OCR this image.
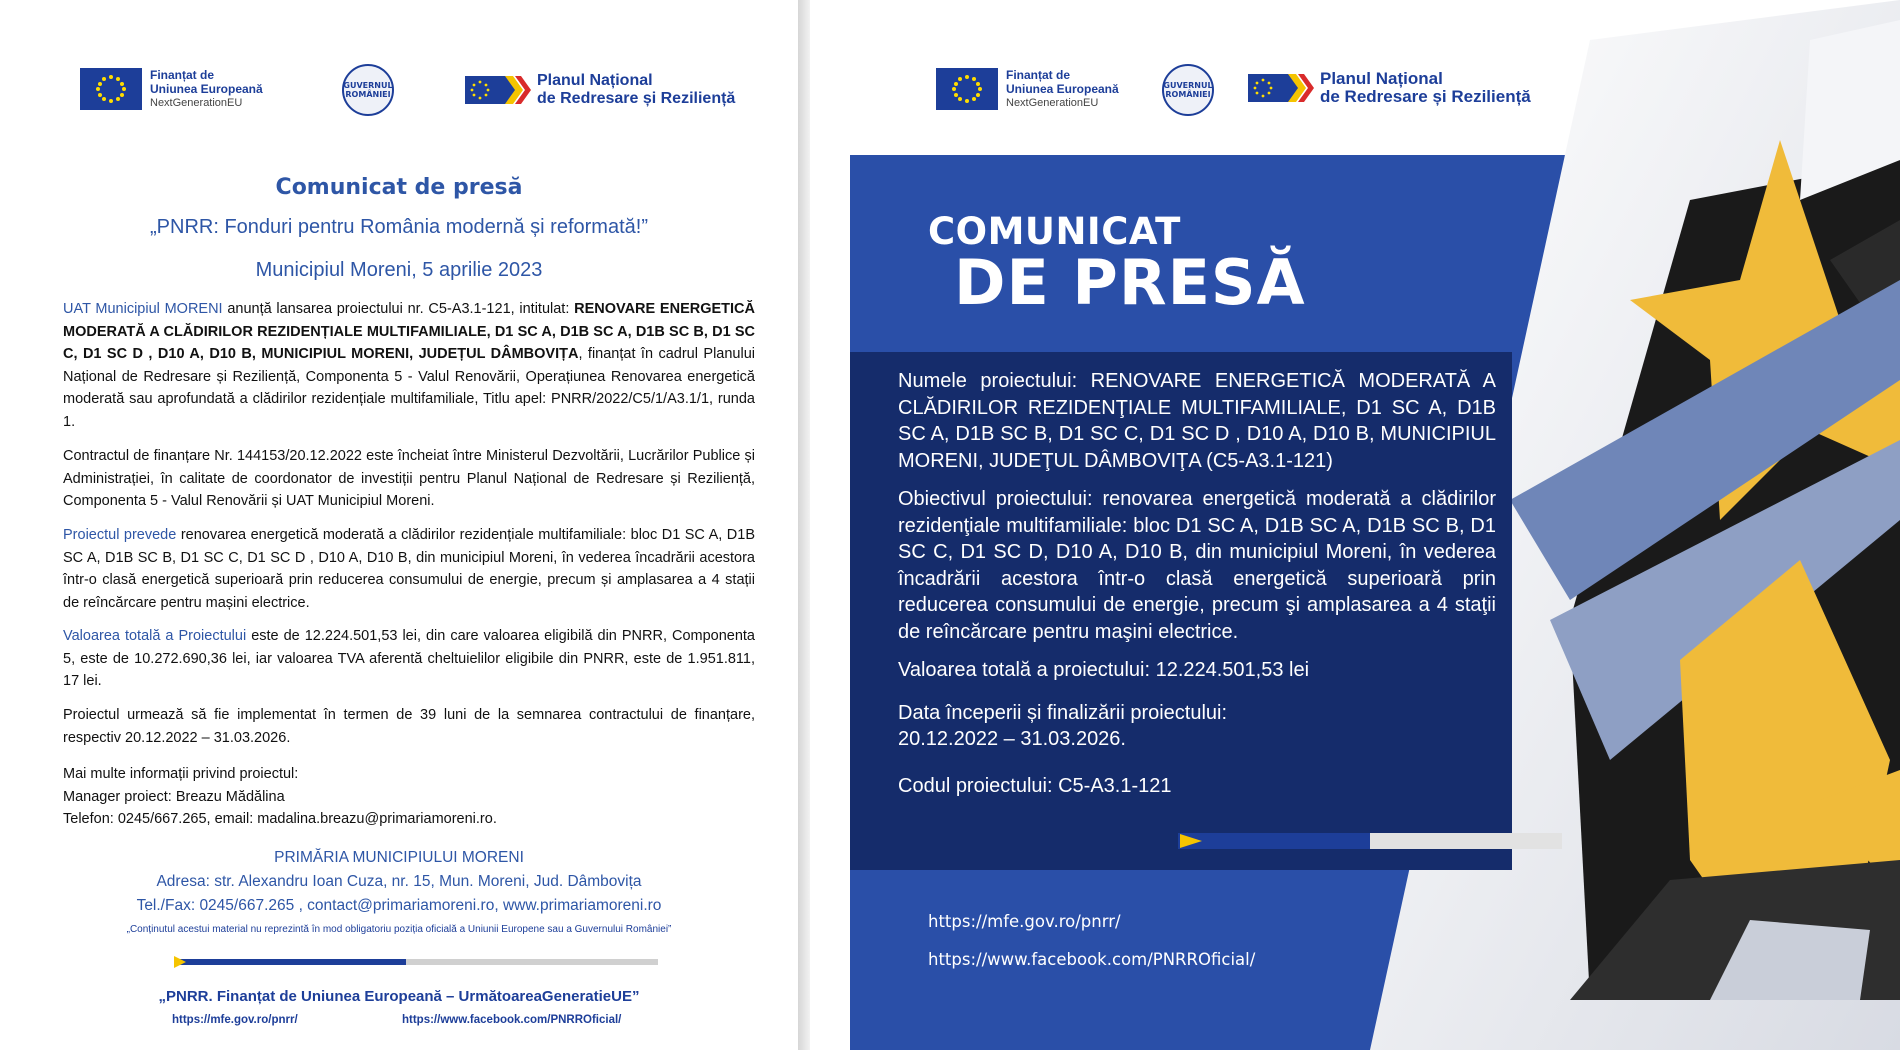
Finanțat de
Uniunea Europeană
NextGenerationEU
GUVERNUL ROMÂNIEI
Planul Național
de Redresare și Reziliență
Comunicat de presă
„PNRR: Fonduri pentru România modernă și reformată!”
Municipiul Moreni, 5 aprilie 2023
UAT Municipiul MORENI anunță lansarea proiectului nr. C5-A3.1-121, intitulat: RENOVARE ENERGETICĂ MODERATĂ A CLĂDIRILOR REZIDENȚIALE MULTIFAMILIALE, D1 SC A, D1B SC A, D1B SC B, D1 SC C, D1 SC D , D10 A, D10 B, MUNICIPIUL MORENI, JUDEȚUL DÂMBOVIȚA, finanțat în cadrul Planului Național de Redresare și Reziliență, Componenta 5 - Valul Renovării, Operațiunea Renovarea energetică moderată sau aprofundată a clădirilor rezidențiale multifamiliale, Titlu apel: PNRR/2022/C5/1/A3.1/1, runda 1.
Contractul de finanțare Nr. 144153/20.12.2022 este încheiat între Ministerul Dezvoltării, Lucrărilor Publice și Administrației, în calitate de coordonator de investiții pentru Planul Național de Redresare și Reziliență, Componenta 5 - Valul Renovării și UAT Municipiul Moreni.
Proiectul prevede renovarea energetică moderată a clădirilor rezidențiale multifamiliale: bloc D1 SC A, D1B SC A, D1B SC B, D1 SC C, D1 SC D , D10 A, D10 B, din municipiul Moreni, în vederea încadrării acestora într-o clasă energetică superioară prin reducerea consumului de energie, precum și amplasarea a 4 stații de reîncărcare pentru mașini electrice.
Valoarea totală a Proiectului este de 12.224.501,53 lei, din care valoarea eligibilă din PNRR, Componenta 5, este de 10.272.690,36 lei, iar valoarea TVA aferentă cheltuielilor eligibile din PNRR, este de 1.951.811, 17 lei.
Proiectul urmează să fie implementat în termen de 39 luni de la semnarea contractului de finanțare, respectiv 20.12.2022 – 31.03.2026.
Mai multe informații privind proiectul:
Manager proiect: Breazu Mădălina
Telefon: 0245/667.265, email: madalina.breazu@primariamoreni.ro.
PRIMĂRIA MUNICIPIULUI MORENI
Adresa: str. Alexandru Ioan Cuza, nr. 15, Mun. Moreni, Jud. Dâmbovița
Tel./Fax: 0245/667.265 , contact@primariamoreni.ro, www.primariamoreni.ro
„Conținutul acestui material nu reprezintă în mod obligatoriu poziția oficială a Uniunii Europene sau a Guvernului României”
„PNRR. Finanțat de Uniunea Europeană – UrmătoareaGeneratieUE”
https://mfe.gov.ro/pnrr/	https://www.facebook.com/PNRROficial/
Finanțat de
Uniunea Europeană
NextGenerationEU
GUVERNUL ROMÂNIEI
Planul Național
de Redresare și Reziliență
COMUNICAT
DE PRESĂ

Numele proiectului: RENOVARE ENERGETICĂ MODERATĂ A CLĂDIRILOR REZIDENŢIALE MULTIFAMILIALE, D1 SC A, D1B SC A, D1B SC B, D1 SC C, D1 SC D , D10 A, D10 B, MUNICIPIUL MORENI, JUDEŢUL DÂMBOVIŢA (C5-A3.1-121)

Obiectivul proiectului: renovarea energetică moderată a clădirilor rezidenţiale multifamiliale: bloc D1 SC A, D1B SC A, D1B SC B, D1 SC C, D1 SC D, D10 A, D10 B, din municipiul Moreni, în vederea încadrării acestora într-o clasă energetică superioară prin reducerea consumului de energie, precum şi amplasarea a 4 staţii de reîncărcare pentru maşini electrice.

Valoarea totală a proiectului: 12.224.501,53 lei

Data începerii și finalizării proiectului:
20.12.2022 – 31.03.2026.

Codul proiectului: C5-A3.1-121

https://mfe.gov.ro/pnrr/
https://www.facebook.com/PNRROficial/
